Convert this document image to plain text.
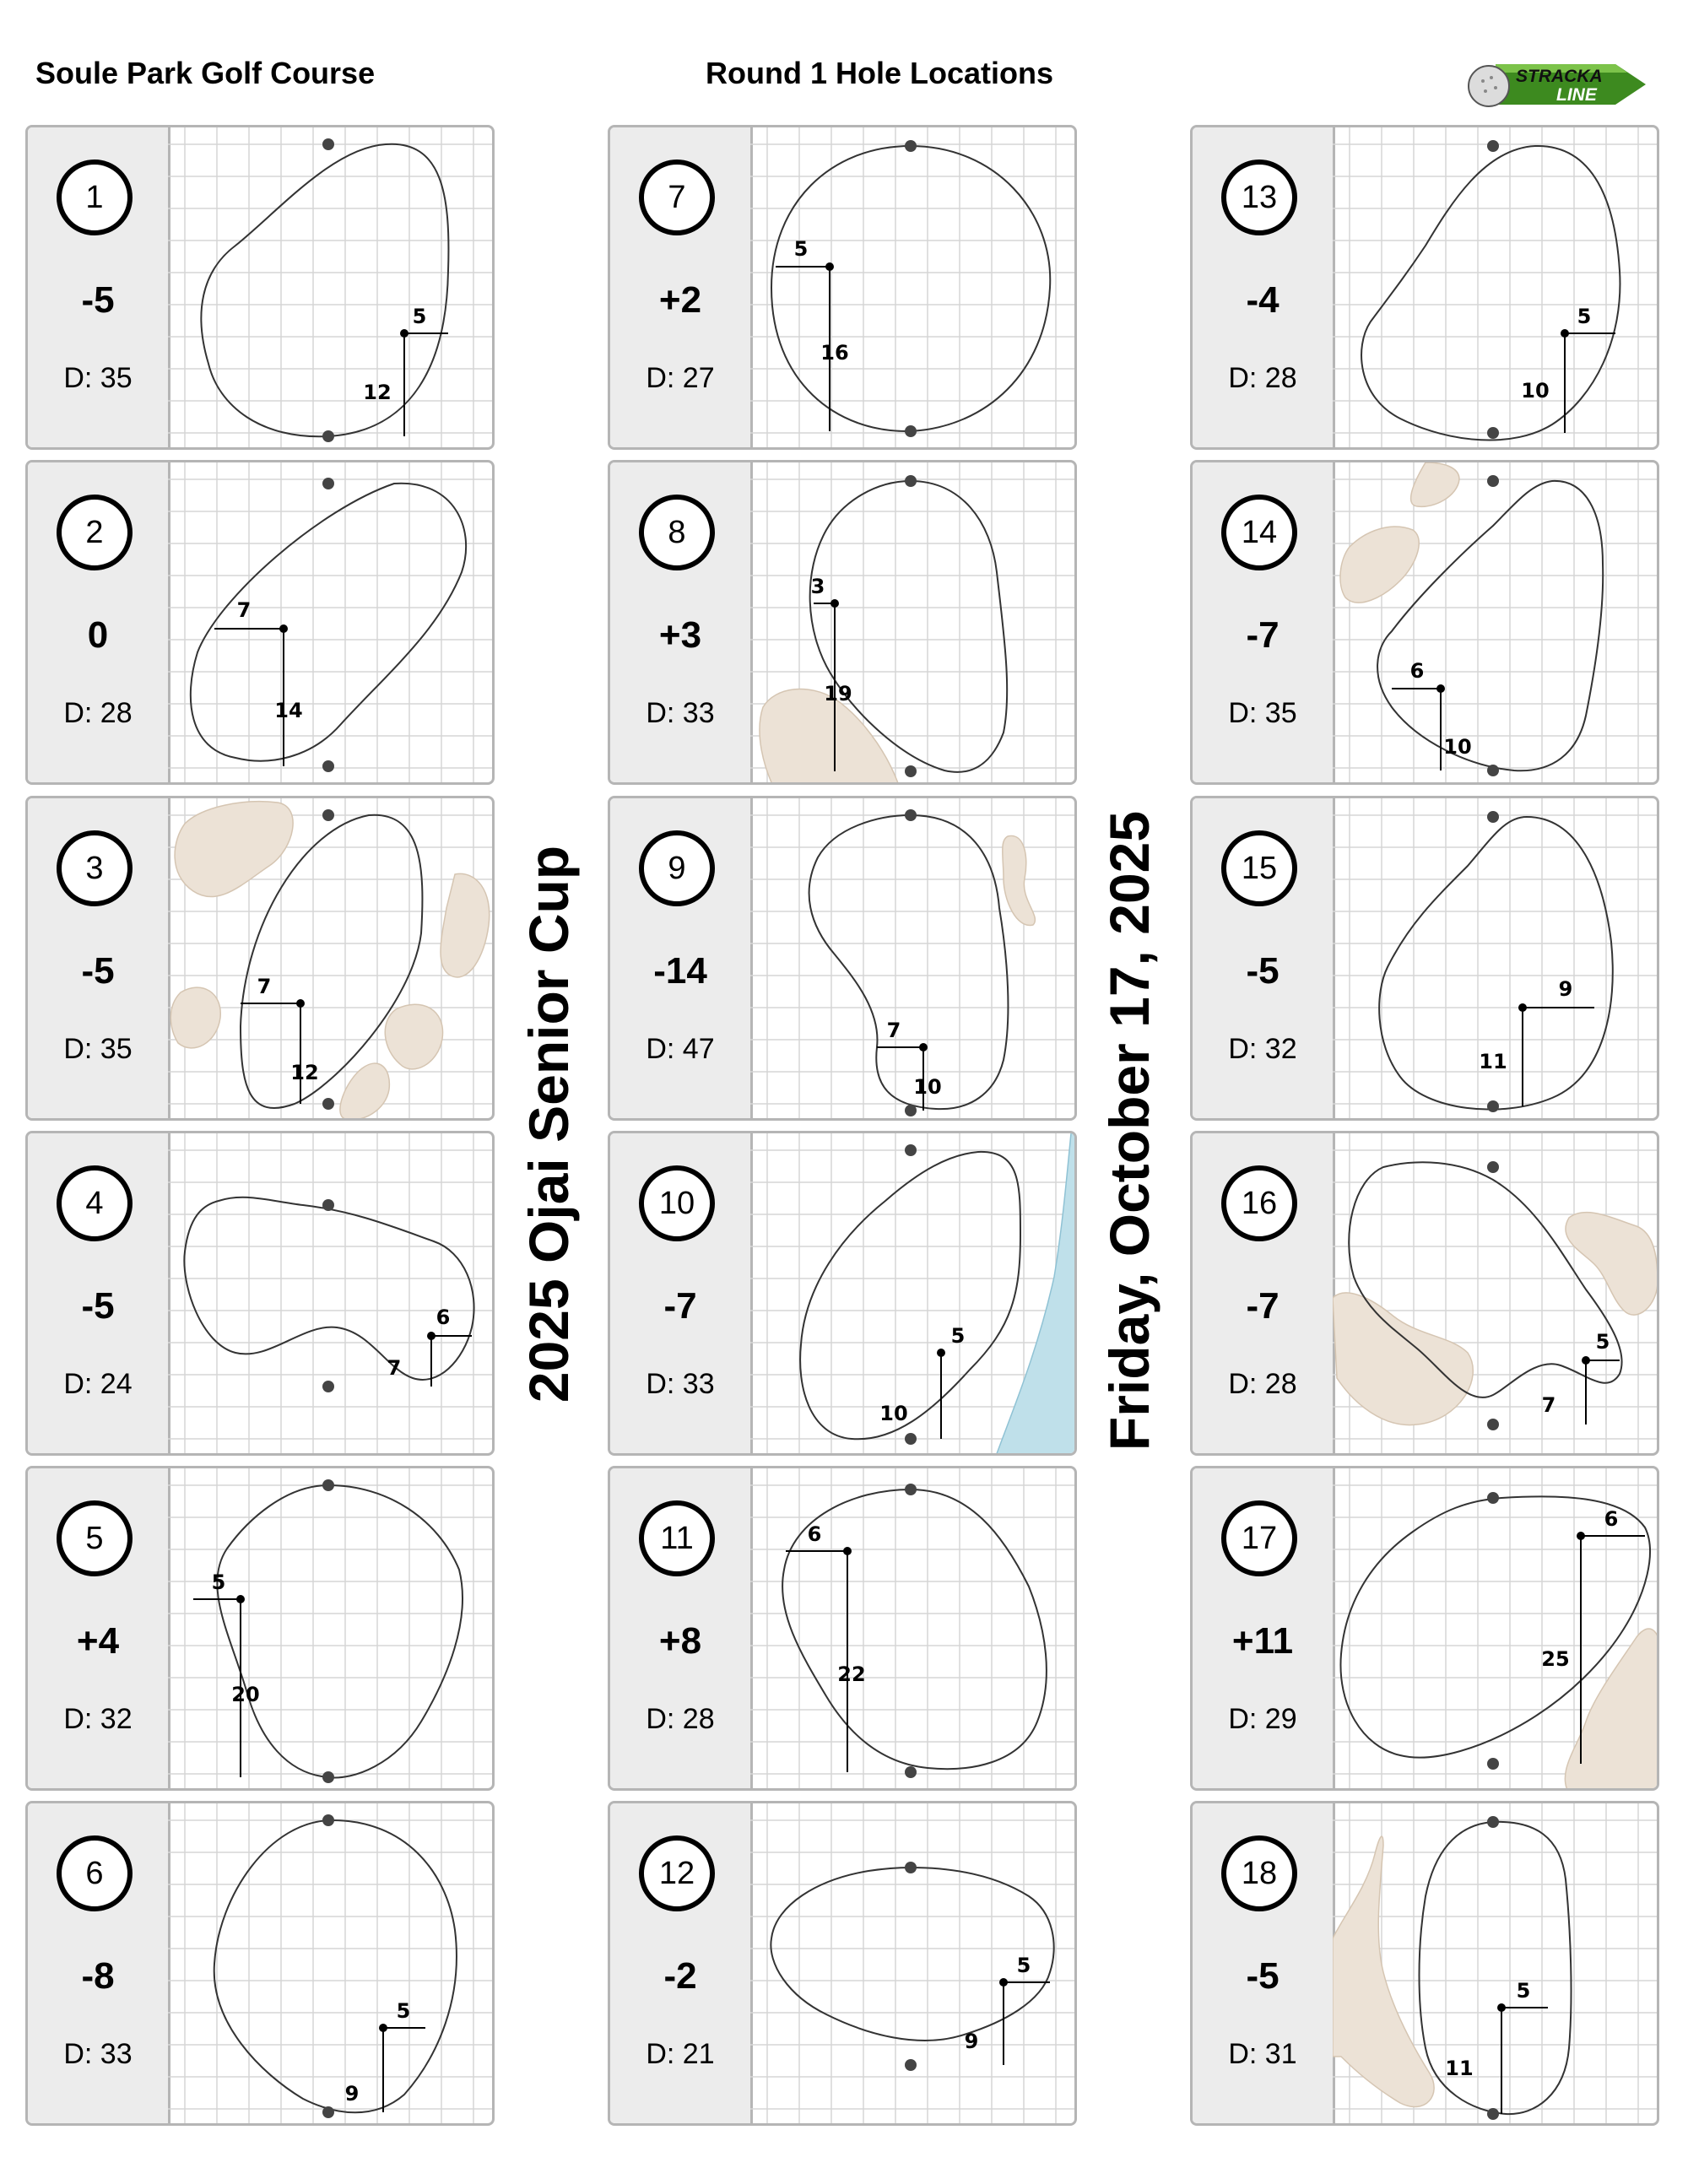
Soule Park Golf Course	Round 1 Hole Locations	STRACKA
LINE
2025 Ojai Senior Cup	Friday, October 17, 2025
1
-5
D: 35
5
12
2
0
D: 28
7
14
3
-5
D: 35
7
12
4
-5
D: 24
6
7
5
+4
D: 32
5
20
6
-8
D: 33
5
9
7
+2
D: 27
5
16
8
+3
D: 33
3
19
9
-14
D: 47
7
10
10
-7
D: 33
5
10
11
+8
D: 28
6
22
12
-2
D: 21
5
9
13
-4
D: 28
5
10
14
-7
D: 35
6
10
15
-5
D: 32
9
11
16
-7
D: 28
5
7
17
+11
D: 29
6
25
18
-5
D: 31
5
11
